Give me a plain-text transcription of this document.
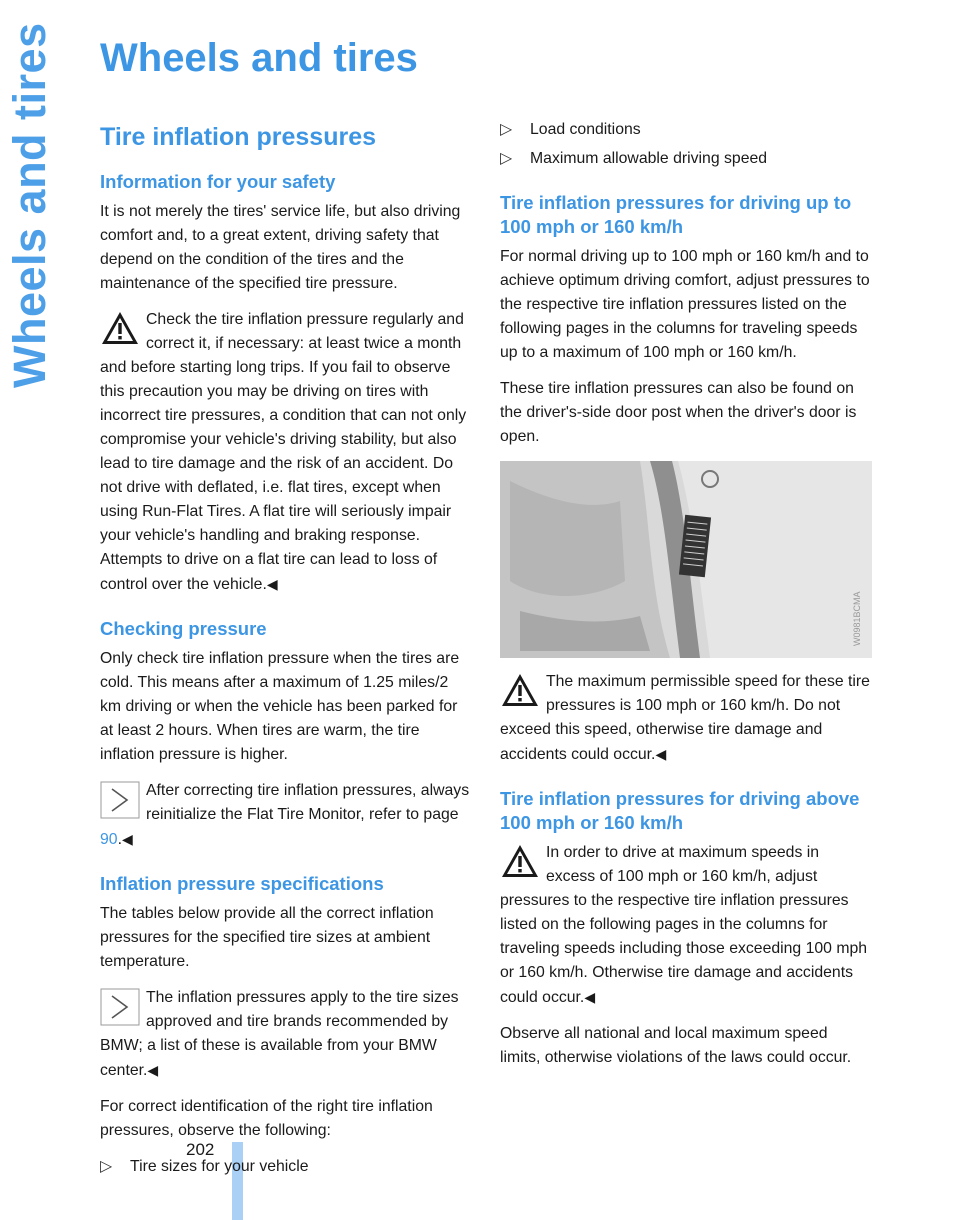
Wheels and tires
202
Wheels and tires
Tire inflation pressures
Information for your safety

It is not merely the tires' service life, but also driving comfort and, to a great extent, driving safety that depend on the condition of the tires and the maintenance of the specified tire pressure.

Check the tire inflation pressure regularly and correct it, if necessary: at least twice a month and before starting long trips. If you fail to observe this precaution you may be driving on tires with incorrect tire pressures, a condition that can not only compromise your vehicle's driving stability, but also lead to tire damage and the risk of an accident. Do not drive with deflated, i.e. flat tires, except when using Run-Flat Tires. A flat tire will seriously impair your vehicle's handling and braking response. Attempts to drive on a flat tire can lead to loss of control over the vehicle.◀
Checking pressure

Only check tire inflation pressure when the tires are cold. This means after a maximum of 1.25 miles/2 km driving or when the vehicle has been parked for at least 2 hours. When tires are warm, the tire inflation pressure is higher.

After correcting tire inflation pressures, always reinitialize the Flat Tire Monitor, refer to page 90.◀
Inflation pressure specifications

The tables below provide all the correct inflation pressures for the specified tire sizes at ambient temperature.

The inflation pressures apply to the tire sizes approved and tire brands recommended by BMW; a list of these is available from your BMW center.◀

For correct identification of the right tire inflation pressures, observe the following:

▷	Tire sizes for your vehicle
▷	Load conditions
▷	Maximum allowable driving speed
Tire inflation pressures for driving up to 100 mph or 160 km/h

For normal driving up to 100 mph or 160 km/h and to achieve optimum driving comfort, adjust pressures to the respective tire inflation pressures listed on the following pages in the columns for traveling speeds up to a maximum of 100 mph or 160 km/h.

These tire inflation pressures can also be found on the driver's-side door post when the driver's door is open.

W0981BCMA
The maximum permissible speed for these tire pressures is 100 mph or 160 km/h. Do not exceed this speed, otherwise tire damage and accidents could occur.◀
Tire inflation pressures for driving above 100 mph or 160 km/h
In order to drive at maximum speeds in excess of 100 mph or 160 km/h, adjust pressures to the respective tire inflation pressures listed on the following pages in the columns for traveling speeds including those exceeding 100 mph or 160 km/h. Otherwise tire damage and accidents could occur.◀

Observe all national and local maximum speed limits, otherwise violations of the laws could occur.
